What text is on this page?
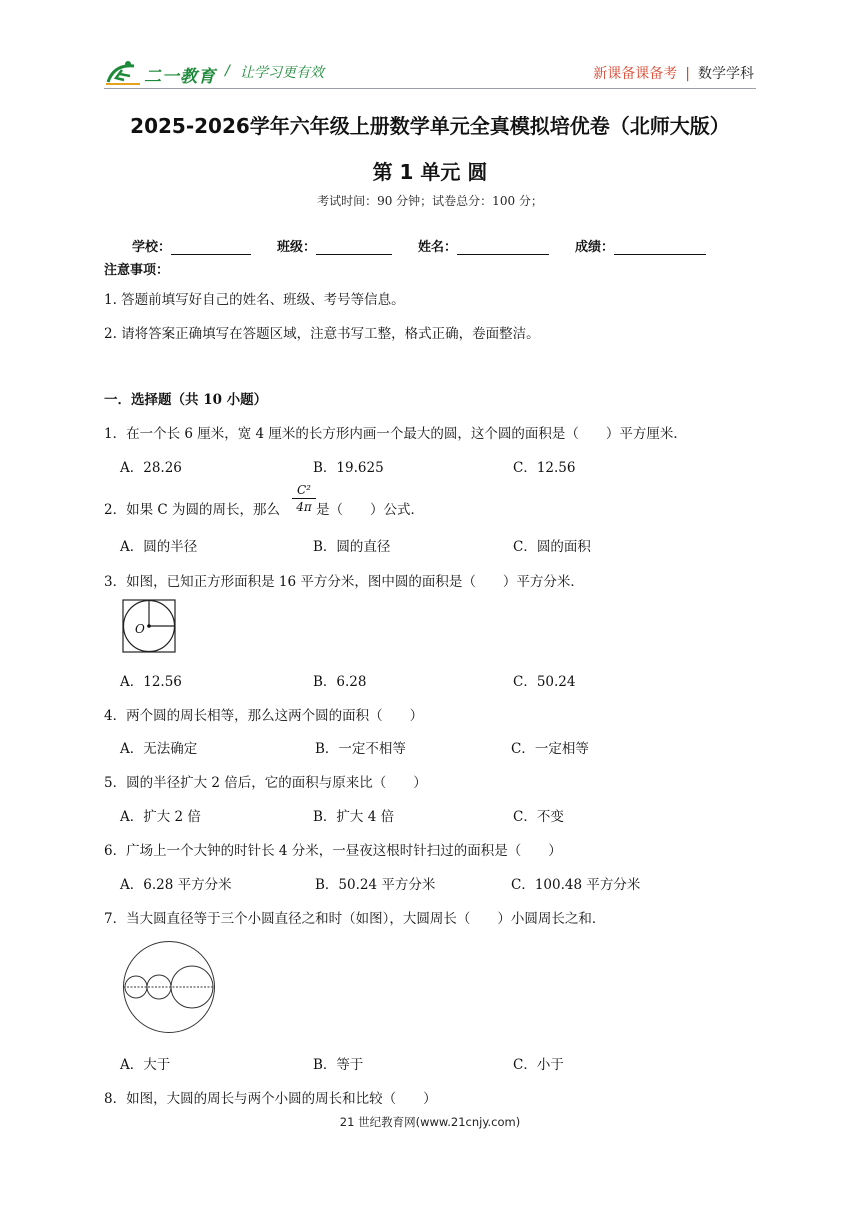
二一教育 / 让学习更有效	新课备课备考 | 数学学科
2025-2026学年六年级上册数学单元全真模拟培优卷（北师大版）
第 1 单元 圆
考试时间：90 分钟；试卷总分：100 分；
学校：	班级：	姓名：	成绩：
注意事项：
1. 答题前填写好自己的姓名、班级、考号等信息。
2. 请将答案正确填写在答题区域，注意书写工整，格式正确，卷面整洁。
一．选择题（共 10 小题）
1．在一个长 6 厘米，宽 4 厘米的长方形内画一个最大的圆，这个圆的面积是（　　）平方厘米．
A．28.26	B．19.625	C．12.56
2．如果 C 为圆的周长，那么 $\frac{\text{C²}}{4\pi}$ 是（　　）公式．
A．圆的半径	B．圆的直径	C．圆的面积
3．如图，已知正方形面积是 16 平方分米，图中圆的面积是（　　）平方分米．
O
A．12.56	B．6.28	C．50.24
4．两个圆的周长相等，那么这两个圆的面积（　　）
A．无法确定	B．一定不相等	C．一定相等
5．圆的半径扩大 2 倍后，它的面积与原来比（　　）
A．扩大 2 倍	B．扩大 4 倍	C．不变
6．广场上一个大钟的时针长 4 分米，一昼夜这根时针扫过的面积是（　　）
A．6.28 平方分米	B．50.24 平方分米	C．100.48 平方分米
7．当大圆直径等于三个小圆直径之和时（如图），大圆周长（　　）小圆周长之和．
A．大于	B．等于	C．小于
8．如图，大圆的周长与两个小圆的周长和比较（　　）
21 世纪教育网(www.21cnjy.com)
